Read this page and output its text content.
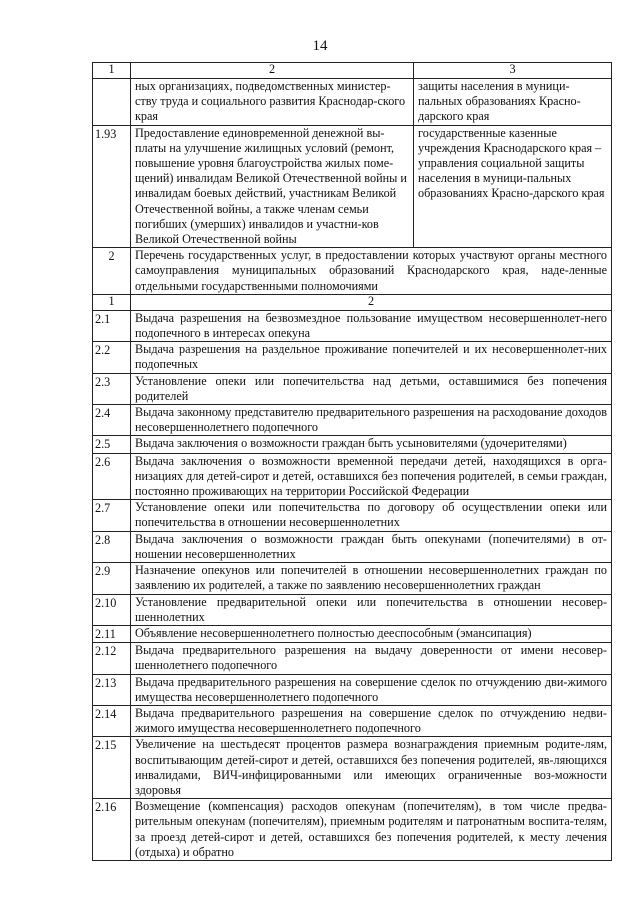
14
1	2	3
	ных организациях, подведомственных министер-ству труда и социального развития Краснодар-ского края	защиты населения в муници-пальных образованиях Красно-дарского края
1.93	Предоставление единовременной денежной вы-платы на улучшение жилищных условий (ремонт, повышение уровня благоустройства жилых поме-щений) инвалидам Великой Отечественной войны и инвалидам боевых действий, участникам Великой Отечественной войны, а также членам семьи погибших (умерших) инвалидов и участни-ков Великой Отечественной войны	государственные казенные учреждения Краснодарского края – управления социальной защиты населения в муници-пальных образованиях Красно-дарского края
2	Перечень государственных услуг, в предоставлении которых участвуют органы местного самоуправления муниципальных образований Краснодарского края, наде-ленные отдельными государственными полномочиями	
1	2	
2.1	Выдача разрешения на безвозмездное пользование имуществом несовершеннолет-него подопечного в интересах опекуна	
2.2	Выдача разрешения на раздельное проживание попечителей и их несовершеннолет-них подопечных	
2.3	Установление опеки или попечительства над детьми, оставшимися без попечения родителей	
2.4	Выдача законному представителю предварительного разрешения на расходование доходов несовершеннолетнего подопечного	
2.5	Выдача заключения о возможности граждан быть усыновителями (удочерителями)	
2.6	Выдача заключения о возможности временной передачи детей, находящихся в орга-низациях для детей-сирот и детей, оставшихся без попечения родителей, в семьи граждан, постоянно проживающих на территории Российской Федерации	
2.7	Установление опеки или попечительства по договору об осуществлении опеки или попечительства в отношении несовершеннолетних	
2.8	Выдача заключения о возможности граждан быть опекунами (попечителями) в от-ношении несовершеннолетних	
2.9	Назначение опекунов или попечителей в отношении несовершеннолетних граждан по заявлению их родителей, а также по заявлению несовершеннолетних граждан	
2.10	Установление предварительной опеки или попечительства в отношении несовер-шеннолетних	
2.11	Объявление несовершеннолетнего полностью дееспособным (эмансипация)	
2.12	Выдача предварительного разрешения на выдачу доверенности от имени несовер-шеннолетнего подопечного	
2.13	Выдача предварительного разрешения на совершение сделок по отчуждению дви-жимого имущества несовершеннолетнего подопечного	
2.14	Выдача предварительного разрешения на совершение сделок по отчуждению недви-жимого имущества несовершеннолетнего подопечного	
2.15	Увеличение на шестьдесят процентов размера вознаграждения приемным родите-лям, воспитывающим детей-сирот и детей, оставшихся без попечения родителей, яв-ляющихся инвалидами, ВИЧ-инфицированными или имеющих ограниченные воз-можности здоровья	
2.16	Возмещение (компенсация) расходов опекунам (попечителям), в том числе предва-рительным опекунам (попечителям), приемным родителям и патронатным воспита-телям, за проезд детей-сирот и детей, оставшихся без попечения родителей, к месту лечения (отдыха) и обратно	
